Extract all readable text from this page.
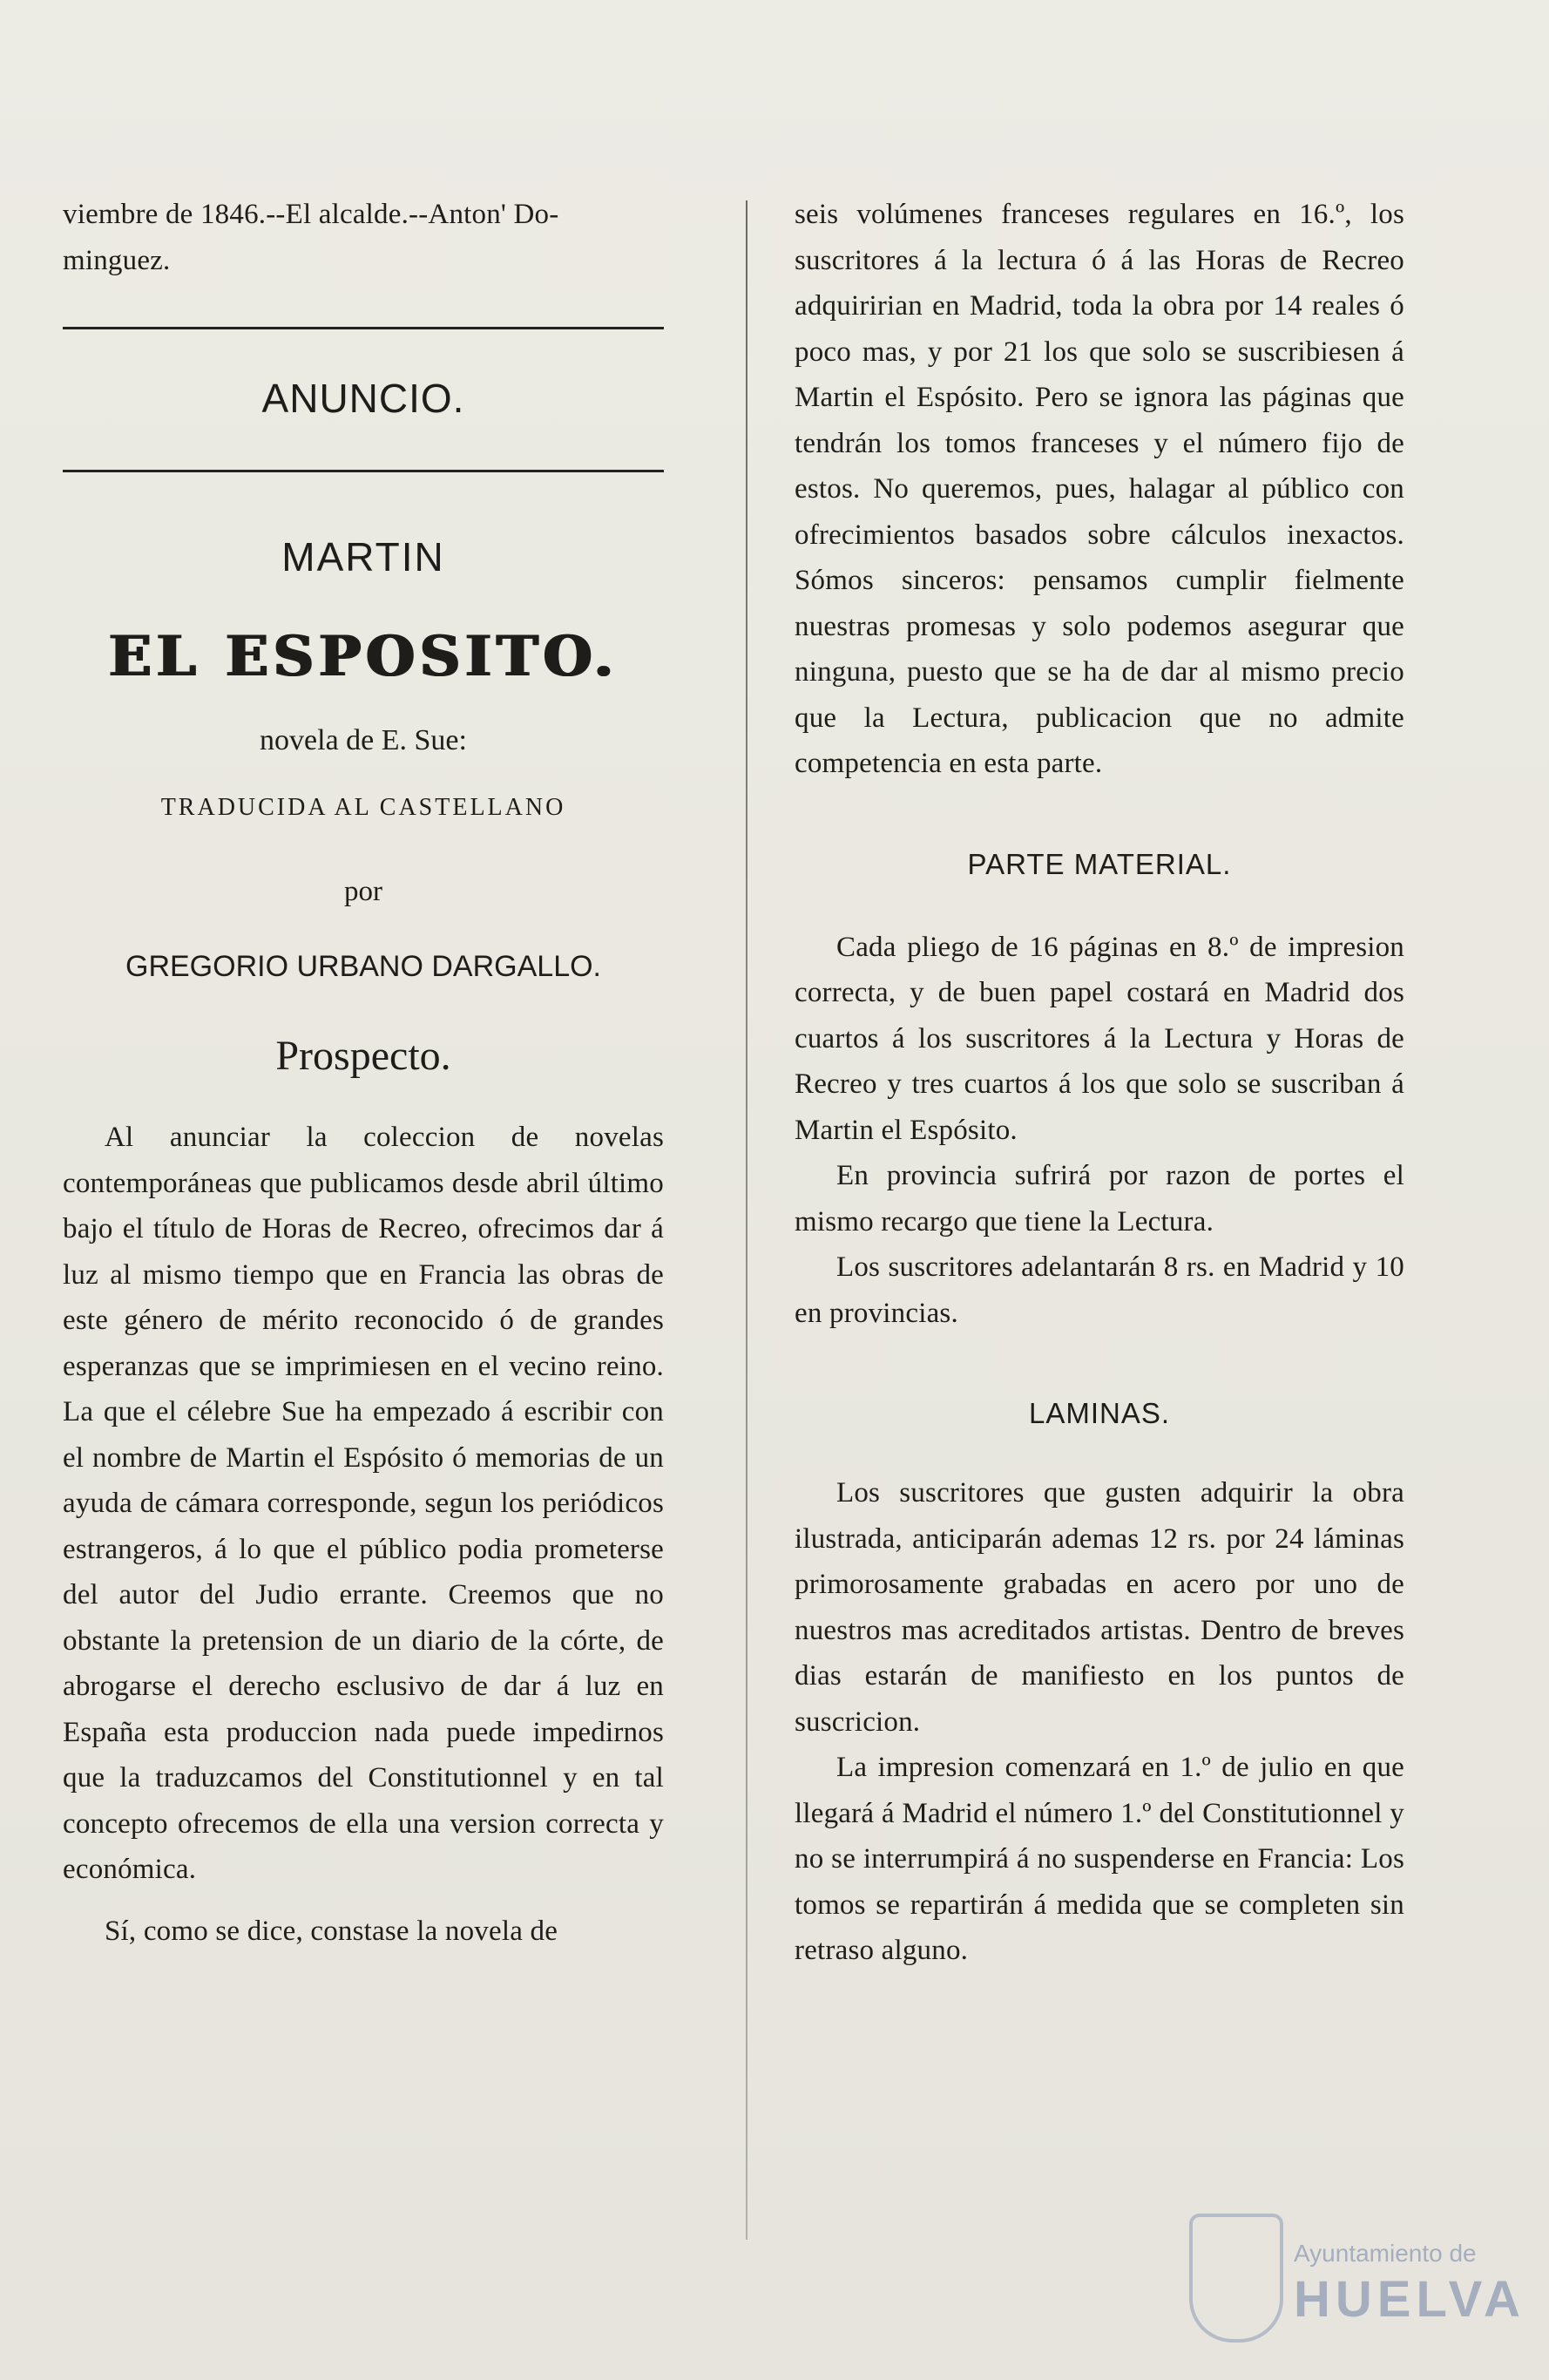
viembre de 1846.--El alcalde.--Anton' Do-

minguez.

ANUNCIO.
MARTIN
EL ESPOSITO.
novela de E. Sue:
TRADUCIDA AL CASTELLANO
por
GREGORIO URBANO DARGALLO.
Prospecto.

Al anunciar la coleccion de novelas contemporáneas que publicamos desde abril último bajo el título de Horas de Recreo, ofrecimos dar á luz al mismo tiempo que en Francia las obras de este género de mérito reconocido ó de grandes esperanzas que se imprimiesen en el vecino reino. La que el célebre Sue ha empezado á escribir con el nombre de Martin el Espósito ó memorias de un ayuda de cámara corresponde, segun los periódicos estrangeros, á lo que el público podia prometerse del autor del Judio errante. Creemos que no obstante la pretension de un diario de la córte, de abrogarse el derecho esclusivo de dar á luz en España esta produccion nada puede impedirnos que la traduzcamos del Constitutionnel y en tal concepto ofrecemos de ella una version correcta y económica.

Sí, como se dice, constase la novela de

seis volúmenes franceses regulares en 16.º, los suscritores á la lectura ó á las Horas de Recreo adquiririan en Madrid, toda la obra por 14 reales ó poco mas, y por 21 los que solo se suscribiesen á Martin el Espósito. Pero se ignora las páginas que tendrán los tomos franceses y el número fijo de estos. No queremos, pues, halagar al público con ofrecimientos basados sobre cálculos inexactos. Sómos sinceros: pensamos cumplir fielmente nuestras promesas y solo podemos asegurar que ninguna, puesto que se ha de dar al mismo precio que la Lectura, publicacion que no admite competencia en esta parte.

PARTE MATERIAL.

Cada pliego de 16 páginas en 8.º de impresion correcta, y de buen papel costará en Madrid dos cuartos á los suscritores á la Lectura y Horas de Recreo y tres cuartos á los que solo se suscriban á Martin el Espósito.

En provincia sufrirá por razon de portes el mismo recargo que tiene la Lectura.

Los suscritores adelantarán 8 rs. en Madrid y 10 en provincias.

LAMINAS.

Los suscritores que gusten adquirir la obra ilustrada, anticiparán ademas 12 rs. por 24 láminas primorosamente grabadas en acero por uno de nuestros mas acreditados artistas. Dentro de breves dias estarán de manifiesto en los puntos de suscricion.

La impresion comenzará en 1.º de julio en que llegará á Madrid el número 1.º del Constitutionnel y no se interrumpirá á no suspenderse en Francia: Los tomos se repartirán á medida que se completen sin retraso alguno.

Ayuntamiento de
HUELVA
